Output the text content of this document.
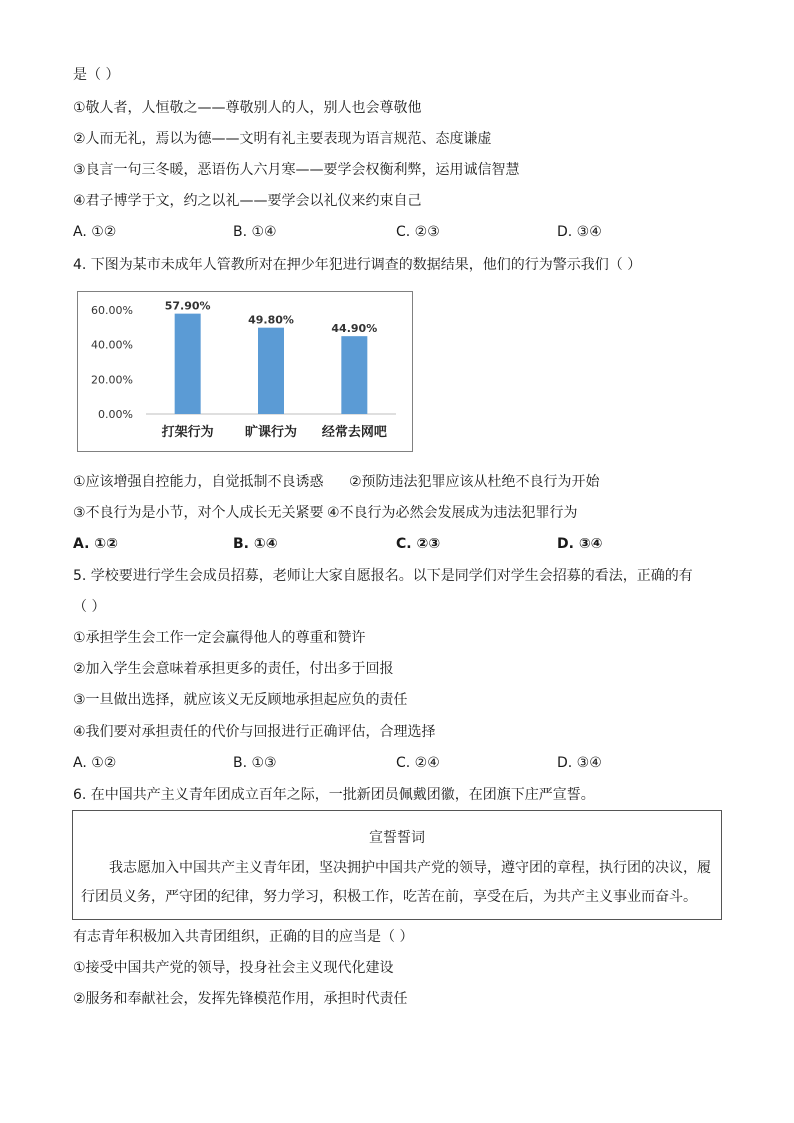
是（ ）
①敬人者，人恒敬之——尊敬别人的人，别人也会尊敬他
②人而无礼，焉以为德——文明有礼主要表现为语言规范、态度谦虚
③良言一句三冬暖，恶语伤人六月寒——要学会权衡利弊，运用诚信智慧
④君子博学于文，约之以礼——要学会以礼仪来约束自己
A. ①②	B. ①④	C. ②③	D. ③④
4. 下图为某市未成年人管教所对在押少年犯进行调查的数据结果，他们的行为警示我们（ ）
0.00%
20.00%
40.00%
60.00%	57.90%
打架行为
49.80%
旷课行为
44.90%
经常去网吧
①应该增强自控能力，自觉抵制不良诱惑 ②预防违法犯罪应该从杜绝不良行为开始
③不良行为是小节，对个人成长无关紧要 ④不良行为必然会发展成为违法犯罪行为
A. ①②	B. ①④	C. ②③	D. ③④
5. 学校要进行学生会成员招募，老师让大家自愿报名。以下是同学们对学生会招募的看法，正确的有
（ ）
①承担学生会工作一定会赢得他人的尊重和赞许
②加入学生会意味着承担更多的责任，付出多于回报
③一旦做出选择，就应该义无反顾地承担起应负的责任
④我们要对承担责任的代价与回报进行正确评估，合理选择
A. ①②	B. ①③	C. ②④	D. ③④
6. 在中国共产主义青年团成立百年之际，一批新团员佩戴团徽，在团旗下庄严宣誓。
宣誓誓词
我志愿加入中国共产主义青年团，坚决拥护中国共产党的领导，遵守团的章程，执行团的决议，履
行团员义务，严守团的纪律，努力学习，积极工作，吃苦在前，享受在后，为共产主义事业而奋斗。
有志青年积极加入共青团组织，正确的目的应当是（ ）
①接受中国共产党的领导，投身社会主义现代化建设
②服务和奉献社会，发挥先锋模范作用，承担时代责任
